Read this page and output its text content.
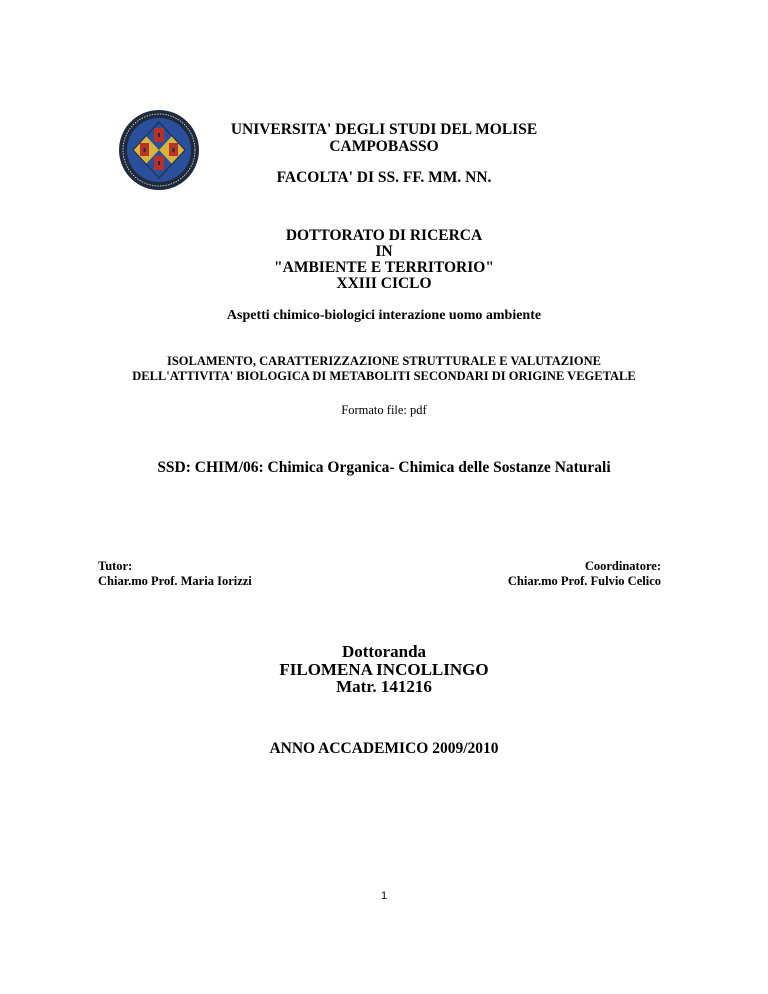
UNIVERSITA' DEGLI STUDI DEL MOLISE
CAMPOBASSO
FACOLTA' DI SS. FF. MM. NN.
DOTTORATO DI RICERCA
IN
"AMBIENTE E TERRITORIO"
XXIII CICLO
Aspetti chimico-biologici interazione uomo ambiente
ISOLAMENTO, CARATTERIZZAZIONE STRUTTURALE E VALUTAZIONE
DELL'ATTIVITA' BIOLOGICA DI METABOLITI SECONDARI DI ORIGINE VEGETALE
Formato file: pdf
SSD: CHIM/06: Chimica Organica- Chimica delle Sostanze Naturali
Tutor:
Chiar.mo Prof. Maria Iorizzi
Coordinatore:
Chiar.mo Prof. Fulvio Celico
Dottoranda
FILOMENA INCOLLINGO
Matr. 141216
ANNO ACCADEMICO 2009/2010
1
